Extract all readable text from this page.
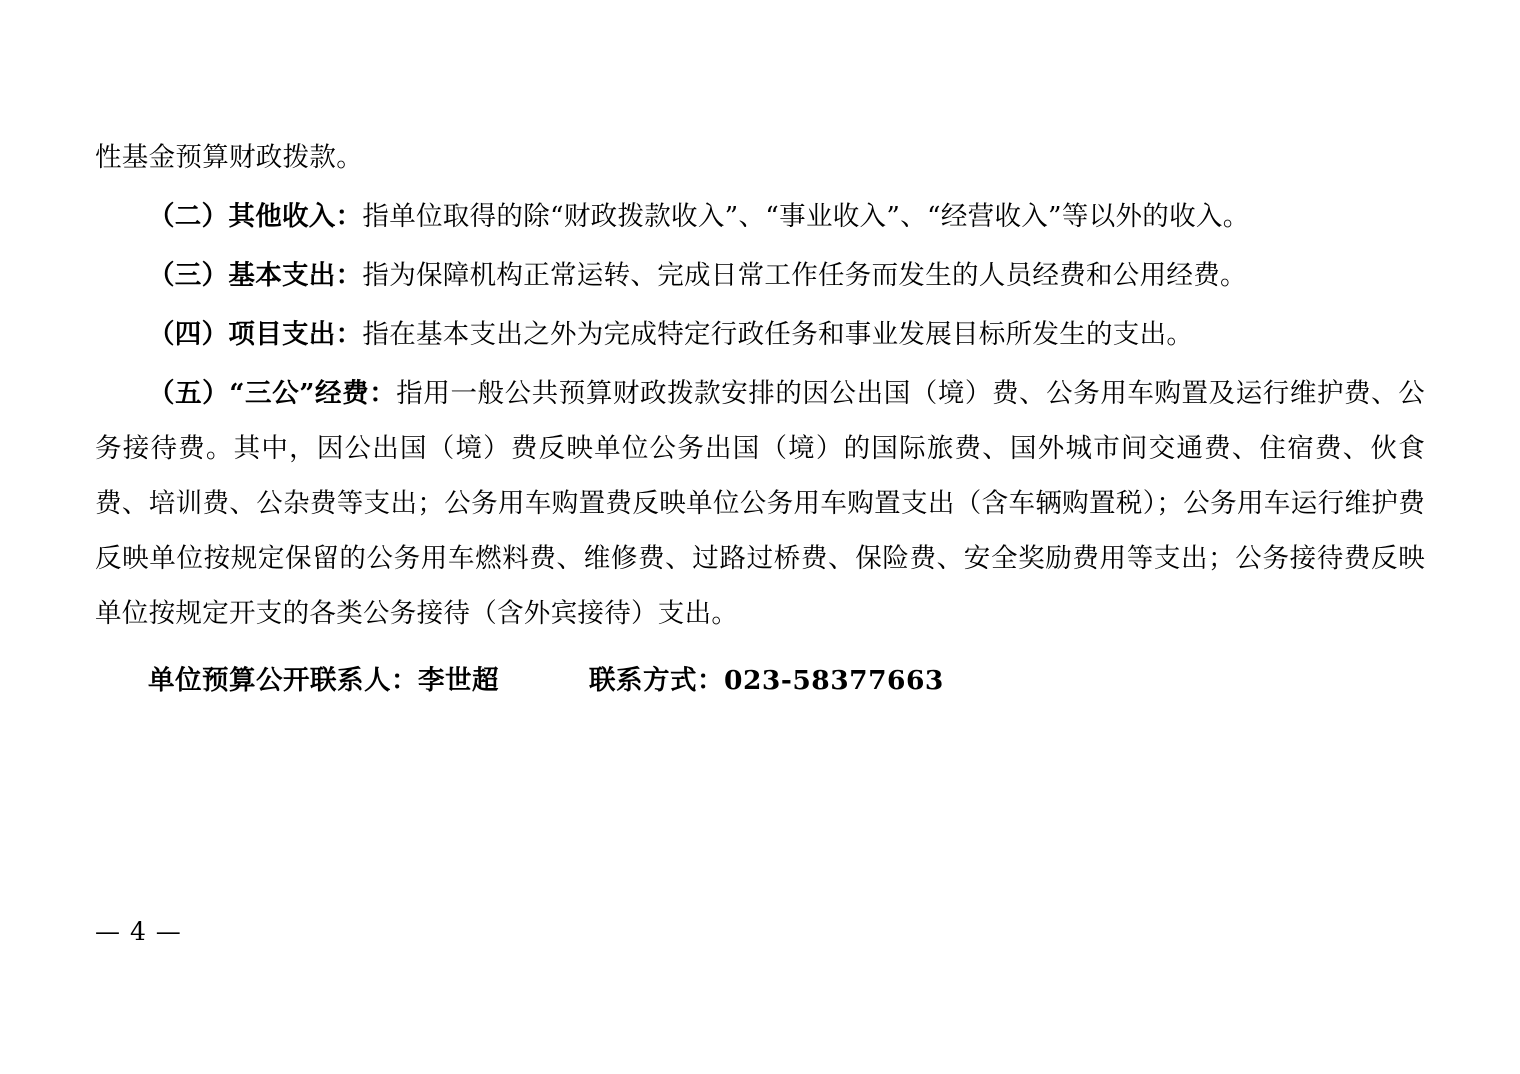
性基金预算财政拨款。

（二）其他收入：指单位取得的除“财政拨款收入”、“事业收入”、“经营收入”等以外的收入。

（三）基本支出：指为保障机构正常运转、完成日常工作任务而发生的人员经费和公用经费。

（四）项目支出：指在基本支出之外为完成特定行政任务和事业发展目标所发生的支出。

（五）“三公”经费：指用一般公共预算财政拨款安排的因公出国（境）费、公务用车购置及运行维护费、公务接待费。其中，因公出国（境）费反映单位公务出国（境）的国际旅费、国外城市间交通费、住宿费、伙食费、培训费、公杂费等支出；公务用车购置费反映单位公务用车购置支出（含车辆购置税）；公务用车运行维护费反映单位按规定保留的公务用车燃料费、维修费、过路过桥费、保险费、安全奖励费用等支出；公务接待费反映单位按规定开支的各类公务接待（含外宾接待）支出。

单位预算公开联系人：李世超	联系方式：023-58377663

— 4 —
